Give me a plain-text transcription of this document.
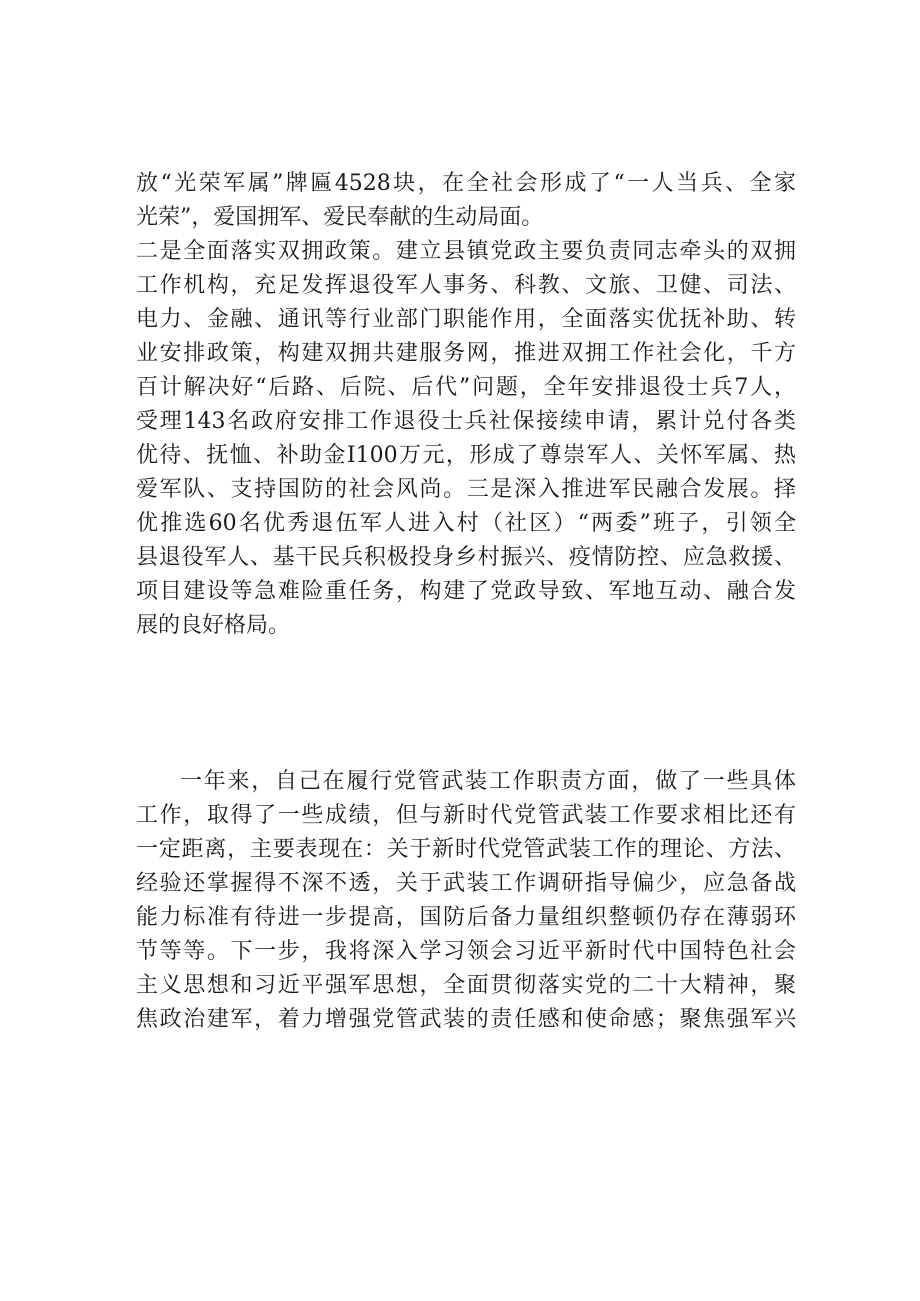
放“光荣军属”牌匾4528块，在全社会形成了“一人当兵、全家
光荣”，爱国拥军、爱民奉献的生动局面。
二是全面落实双拥政策。建立县镇党政主要负责同志牵头的双拥
工作机构，充足发挥退役军人事务、科教、文旅、卫健、司法、
电力、金融、通讯等行业部门职能作用，全面落实优抚补助、转
业安排政策，构建双拥共建服务网，推进双拥工作社会化，千方
百计解决好“后路、后院、后代”问题，全年安排退役士兵7人，
受理143名政府安排工作退役士兵社保接续申请，累计兑付各类
优待、抚恤、补助金I100万元，形成了尊崇军人、关怀军属、热
爱军队、支持国防的社会风尚。三是深入推进军民融合发展。择
优推选60名优秀退伍军人进入村（社区）“两委”班子，引领全
县退役军人、基干民兵积极投身乡村振兴、疫情防控、应急救援、
项目建设等急难险重任务，构建了党政导致、军地互动、融合发
展的良好格局。
一年来，自己在履行党管武装工作职责方面，做了一些具体
工作，取得了一些成绩，但与新时代党管武装工作要求相比还有
一定距离，主要表现在：关于新时代党管武装工作的理论、方法、
经验还掌握得不深不透，关于武装工作调研指导偏少，应急备战
能力标准有待进一步提高，国防后备力量组织整顿仍存在薄弱环
节等等。下一步，我将深入学习领会习近平新时代中国特色社会
主义思想和习近平强军思想，全面贯彻落实党的二十大精神，聚
焦政治建军，着力增强党管武装的责任感和使命感；聚焦强军兴
